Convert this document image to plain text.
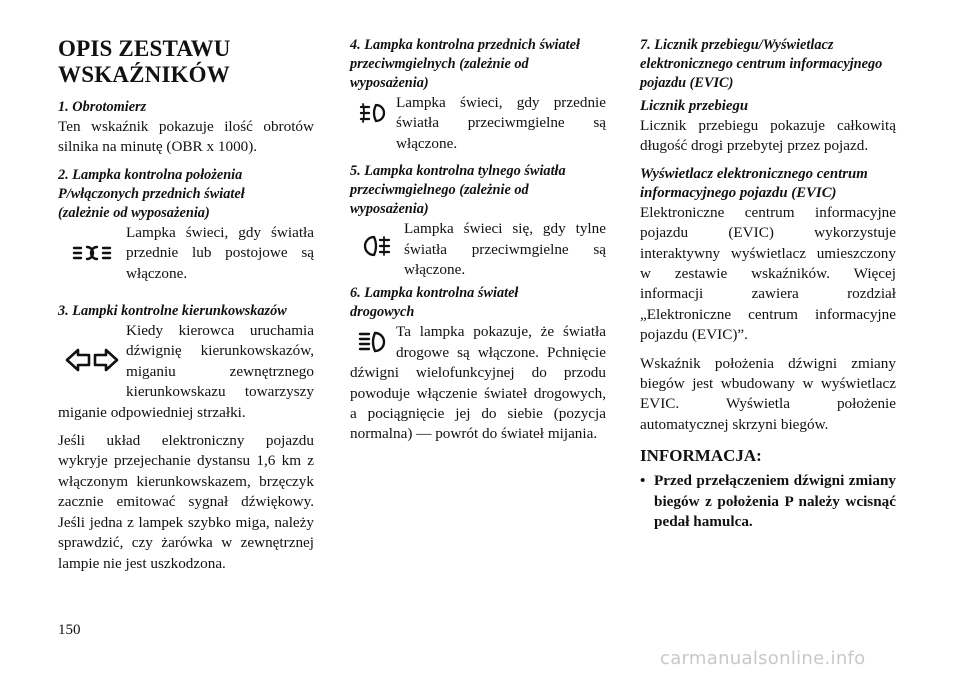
OPIS ZESTAWU
WSKAŹNIKÓW
1. Obrotomierz

Ten wskaźnik pokazuje ilość obrotów silnika na minutę (OBR x 1000).

2. Lampka kontrolna położenia
P/włączonych przednich świateł
(zależnie od wyposażenia)

Lampka świeci, gdy światła przednie lub postojowe są włączone.

3. Lampki kontrolne kierunkowskazów

Kiedy kierowca uruchamia dźwignię kierunkowskazów, miganiu zewnętrznego kierunkowskazu towarzyszy miganie odpowiedniej strzałki.

Jeśli układ elektroniczny pojazdu wykryje przejechanie dystansu 1,6 km z włączonym kierunkowskazem, brzęczyk zacznie emitować sygnał dźwiękowy. Jeśli jedna z lampek szybko miga, należy sprawdzić, czy żarówka w zewnętrznej lampie nie jest uszkodzona.

4. Lampka kontrolna przednich świateł
przeciwmgielnych (zależnie od
wyposażenia)

Lampka świeci, gdy przednie światła przeciwmgielne są włączone.

5. Lampka kontrolna tylnego światła
przeciwmgielnego (zależnie od
wyposażenia)

Lampka świeci się, gdy tylne światła przeciwmgielne są włączone.

6. Lampka kontrolna świateł
drogowych

Ta lampka pokazuje, że światła drogowe są włączone. Pchnięcie dźwigni wielofunkcyjnej do przodu powoduje włączenie świateł drogowych, a pociągnięcie jej do siebie (pozycja normalna) — powrót do świateł mijania.

7. Licznik przebiegu/Wyświetlacz
elektronicznego centrum informacyjnego
pojazdu (EVIC)
Licznik przebiegu

Licznik przebiegu pokazuje całkowitą długość drogi przebytej przez pojazd.

Wyświetlacz elektronicznego centrum
informacyjnego pojazdu (EVIC)

Elektroniczne centrum informacyjne pojazdu (EVIC) wykorzystuje interaktywny wyświetlacz umieszczony w zestawie wskaźników. Więcej informacji zawiera rozdział „Elektroniczne centrum informacyjne pojazdu (EVIC)”.

Wskaźnik położenia dźwigni zmiany biegów jest wbudowany w wyświetlacz EVIC. Wyświetla położenie automatycznej skrzyni biegów.

INFORMACJA:
• Przed przełączeniem dźwigni zmiany biegów z położenia P należy wcisnąć pedał hamulca.
150
carmanualsonline.info
